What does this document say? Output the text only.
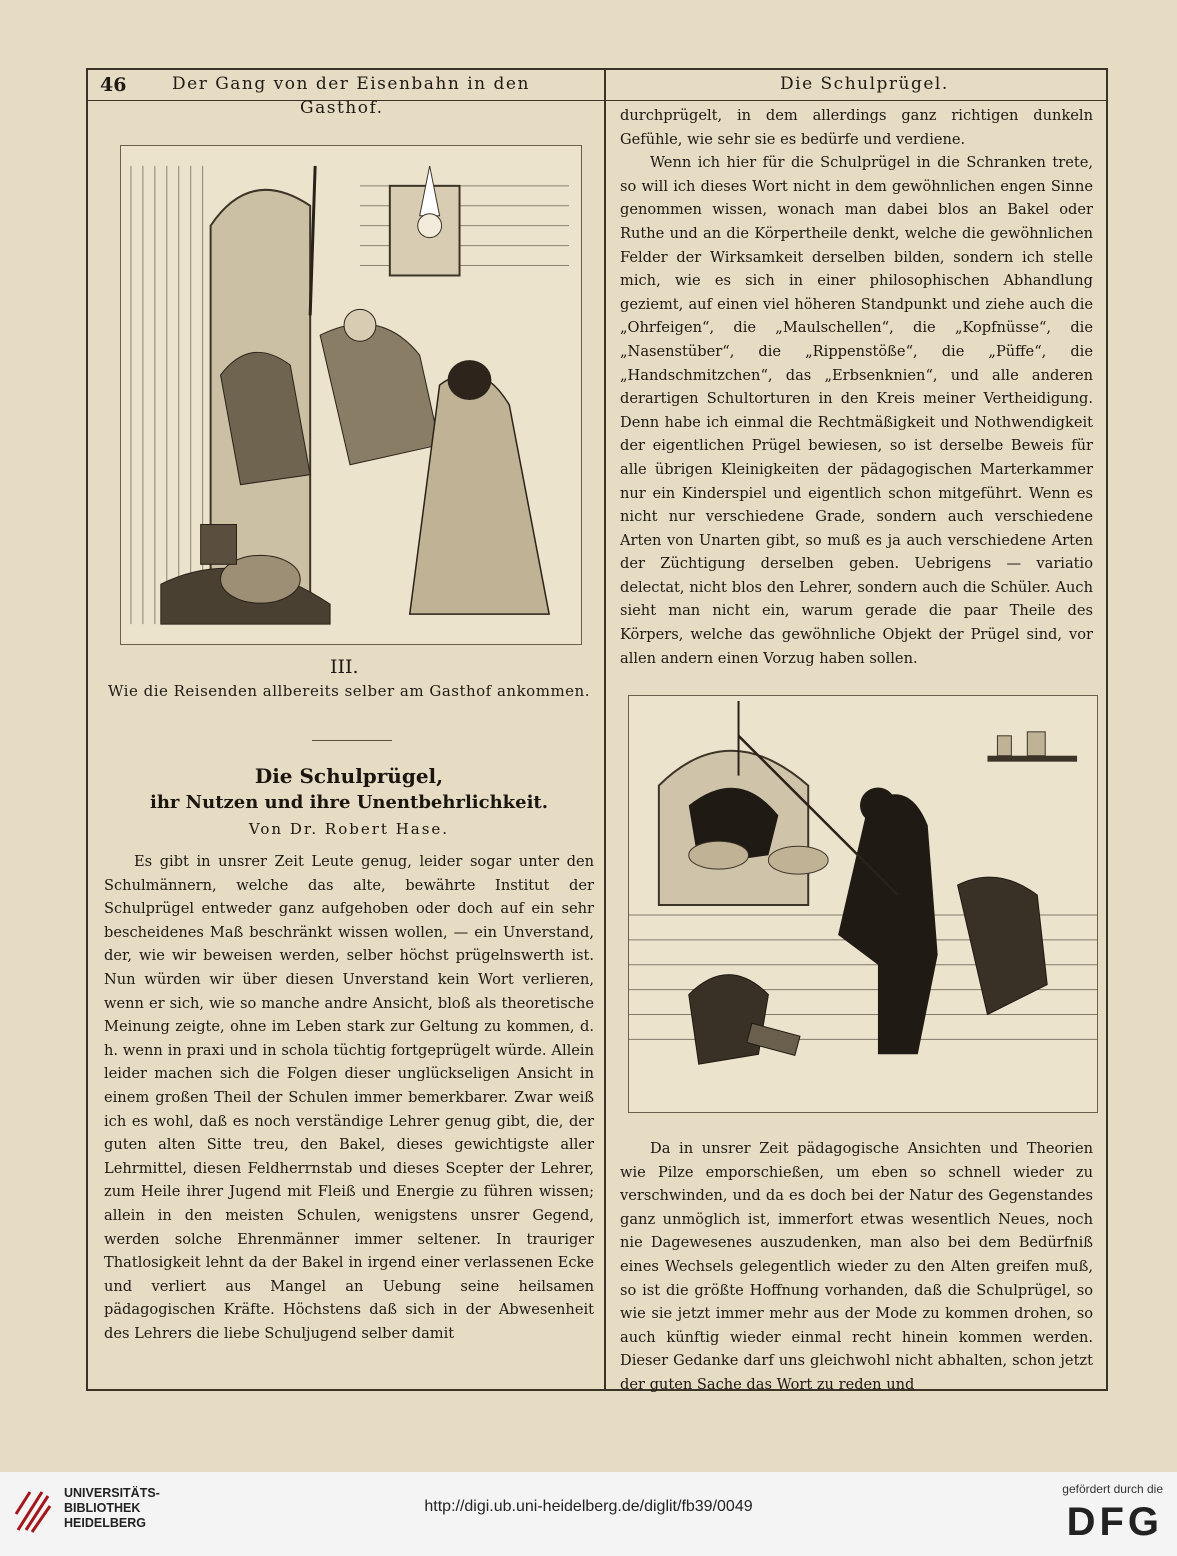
46	Der Gang von der Eisenbahn in den
Gasthof.
Die Schulprügel.
III.
Wie die Reisenden allbereits selber am Gasthof ankommen.
Die Schulprügel,
ihr Nutzen und ihre Unentbehrlichkeit.
Von Dr. Robert Hase.

Es gibt in unsrer Zeit Leute genug, leider sogar unter den Schulmännern, welche das alte, bewährte Institut der Schulprügel entweder ganz aufgehoben oder doch auf ein sehr bescheidenes Maß beschränkt wissen wollen, — ein Unverstand, der, wie wir beweisen werden, selber höchst prügelnswerth ist. Nun würden wir über diesen Unverstand kein Wort verlieren, wenn er sich, wie so manche andre Ansicht, bloß als theoretische Meinung zeigte, ohne im Leben stark zur Geltung zu kommen, d. h. wenn in praxi und in schola tüchtig fortgeprügelt würde. Allein leider machen sich die Folgen dieser unglückseligen Ansicht in einem großen Theil der Schulen immer bemerkbarer. Zwar weiß ich es wohl, daß es noch verständige Lehrer genug gibt, die, der guten alten Sitte treu, den Bakel, dieses gewichtigste aller Lehrmittel, diesen Feldherrnstab und dieses Scepter der Lehrer, zum Heile ihrer Jugend mit Fleiß und Energie zu führen wissen; allein in den meisten Schulen, wenigstens unsrer Gegend, werden solche Ehrenmänner immer seltener. In trauriger Thatlosigkeit lehnt da der Bakel in irgend einer verlassenen Ecke und verliert aus Mangel an Uebung seine heilsamen pädagogischen Kräfte. Höchstens daß sich in der Abwesenheit des Lehrers die liebe Schuljugend selber damit

durchprügelt, in dem allerdings ganz richtigen dunkeln Gefühle, wie sehr sie es bedürfe und verdiene.

Wenn ich hier für die Schulprügel in die Schranken trete, so will ich dieses Wort nicht in dem gewöhnlichen engen Sinne genommen wissen, wonach man dabei blos an Bakel oder Ruthe und an die Körpertheile denkt, welche die gewöhnlichen Felder der Wirksamkeit derselben bilden, sondern ich stelle mich, wie es sich in einer philosophischen Abhandlung geziemt, auf einen viel höheren Standpunkt und ziehe auch die „Ohrfeigen“, die „Maulschellen“, die „Kopfnüsse“, die „Nasenstüber“, die „Rippenstöße“, die „Püffe“, die „Handschmitzchen“, das „Erbsenknien“, und alle anderen derartigen Schultorturen in den Kreis meiner Vertheidigung. Denn habe ich einmal die Rechtmäßigkeit und Nothwendigkeit der eigentlichen Prügel bewiesen, so ist derselbe Beweis für alle übrigen Kleinigkeiten der pädagogischen Marterkammer nur ein Kinderspiel und eigentlich schon mitgeführt. Wenn es nicht nur verschiedene Grade, sondern auch verschiedene Arten von Unarten gibt, so muß es ja auch verschiedene Arten der Züchtigung derselben geben. Uebrigens — variatio delectat, nicht blos den Lehrer, sondern auch die Schüler. Auch sieht man nicht ein, warum gerade die paar Theile des Körpers, welche das gewöhnliche Objekt der Prügel sind, vor allen andern einen Vorzug haben sollen.

Da in unsrer Zeit pädagogische Ansichten und Theorien wie Pilze emporschießen, um eben so schnell wieder zu verschwinden, und da es doch bei der Natur des Gegenstandes ganz unmöglich ist, immerfort etwas wesentlich Neues, noch nie Dagewesenes auszudenken, man also bei dem Bedürfniß eines Wechsels gelegentlich wieder zu den Alten greifen muß, so ist die größte Hoffnung vorhanden, daß die Schulprügel, so wie sie jetzt immer mehr aus der Mode zu kommen drohen, so auch künftig wieder einmal recht hinein kommen werden. Dieser Gedanke darf uns gleichwohl nicht abhalten, schon jetzt der guten Sache das Wort zu reden und

UNIVERSITÄTS-
BIBLIOTHEK
HEIDELBERG
http://digi.ub.uni-heidelberg.de/diglit/fb39/0049
gefördert durch die
DFG
